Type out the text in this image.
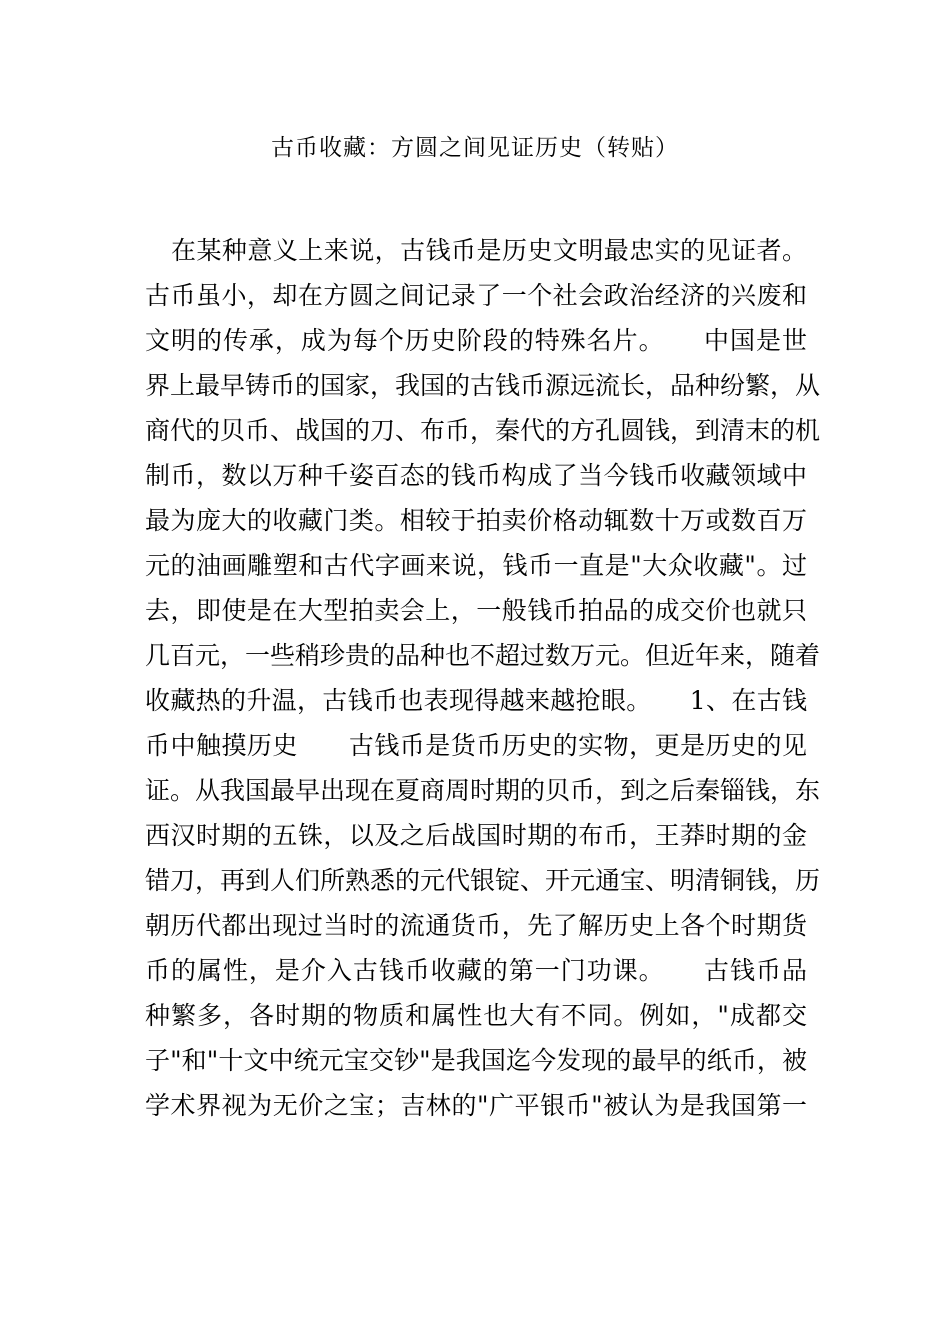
古币收藏：方圆之间见证历史（转贴）
在某种意义上来说，古钱币是历史文明最忠实的见证者。
古币虽小，却在方圆之间记录了一个社会政治经济的兴废和
文明的传承，成为每个历史阶段的特殊名片。　　中国是世
界上最早铸币的国家，我国的古钱币源远流长，品种纷繁，从
商代的贝币、战国的刀、布币，秦代的方孔圆钱，到清末的机
制币，数以万种千姿百态的钱币构成了当今钱币收藏领域中
最为庞大的收藏门类。相较于拍卖价格动辄数十万或数百万
元的油画雕塑和古代字画来说，钱币一直是"大众收藏"。过
去，即使是在大型拍卖会上，一般钱币拍品的成交价也就只
几百元，一些稍珍贵的品种也不超过数万元。但近年来，随着
收藏热的升温，古钱币也表现得越来越抢眼。　　1、在古钱
币中触摸历史　　古钱币是货币历史的实物，更是历史的见
证。从我国最早出现在夏商周时期的贝币，到之后秦锱钱，东
西汉时期的五铢，以及之后战国时期的布币，王莽时期的金
错刀，再到人们所熟悉的元代银锭、开元通宝、明清铜钱，历
朝历代都出现过当时的流通货币，先了解历史上各个时期货
币的属性，是介入古钱币收藏的第一门功课。　　古钱币品
种繁多，各时期的物质和属性也大有不同。例如，"成都交
子"和"十文中统元宝交钞"是我国迄今发现的最早的纸币，被
学术界视为无价之宝；吉林的"广平银币"被认为是我国第一
